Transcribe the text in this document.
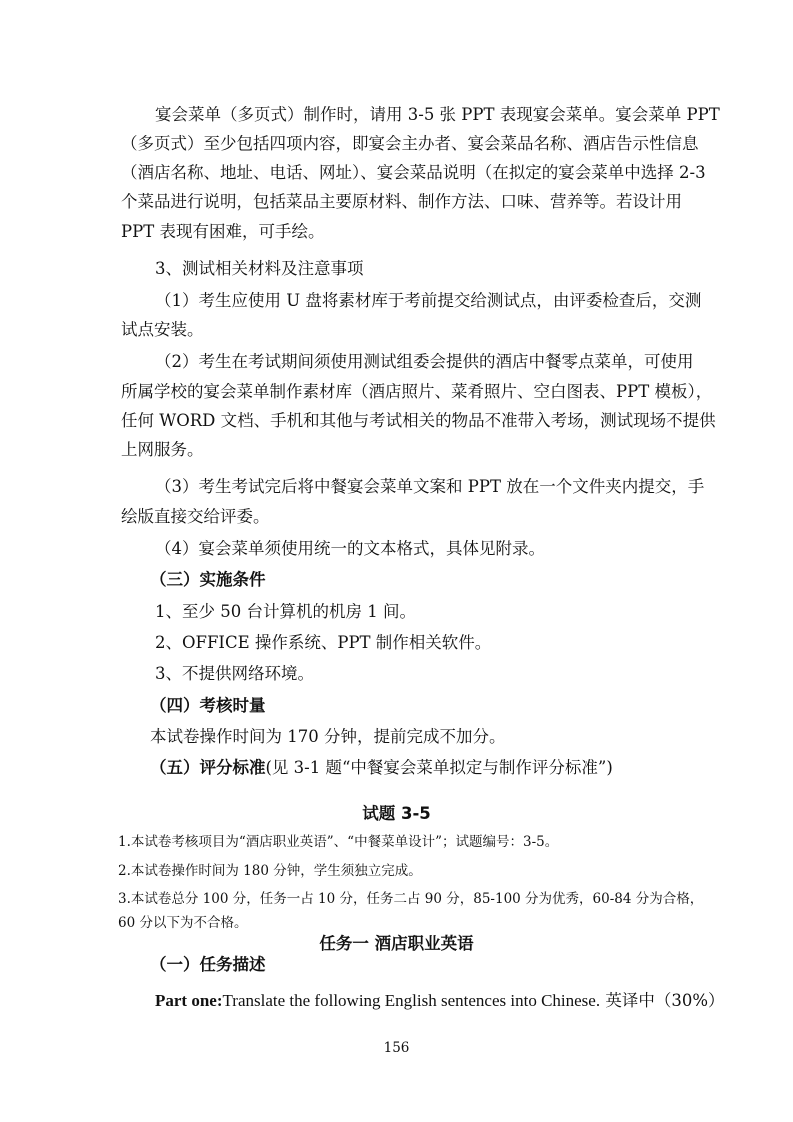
宴会菜单（多页式）制作时，请用 3-5 张 PPT 表现宴会菜单。宴会菜单 PPT
（多页式）至少包括四项内容，即宴会主办者、宴会菜品名称、酒店告示性信息
（酒店名称、地址、电话、网址）、宴会菜品说明（在拟定的宴会菜单中选择 2-3
个菜品进行说明，包括菜品主要原材料、制作方法、口味、营养等。若设计用
PPT 表现有困难，可手绘。
3、测试相关材料及注意事项
（1）考生应使用 U 盘将素材库于考前提交给测试点，由评委检查后，交测
试点安装。
（2）考生在考试期间须使用测试组委会提供的酒店中餐零点菜单，可使用
所属学校的宴会菜单制作素材库（酒店照片、菜肴照片、空白图表、PPT 模板），
任何 WORD 文档、手机和其他与考试相关的物品不准带入考场，测试现场不提供
上网服务。
（3）考生考试完后将中餐宴会菜单文案和 PPT 放在一个文件夹内提交，手
绘版直接交给评委。
（4）宴会菜单须使用统一的文本格式，具体见附录。
（三）实施条件
1、至少 50 台计算机的机房 1 间。
2、OFFICE 操作系统、PPT 制作相关软件。
3、不提供网络环境。
（四）考核时量
本试卷操作时间为 170 分钟，提前完成不加分。
（五）评分标准(见 3-1 题“中餐宴会菜单拟定与制作评分标准”)
试题 3-5
1.本试卷考核项目为“酒店职业英语”、“中餐菜单设计”；试题编号：3-5。
2.本试卷操作时间为 180 分钟，学生须独立完成。
3.本试卷总分 100 分，任务一占 10 分，任务二占 90 分，85-100 分为优秀，60-84 分为合格，
60 分以下为不合格。
任务一 酒店职业英语
（一）任务描述
Part one:Translate the following English sentences into Chinese. 英译中（30%）
156
